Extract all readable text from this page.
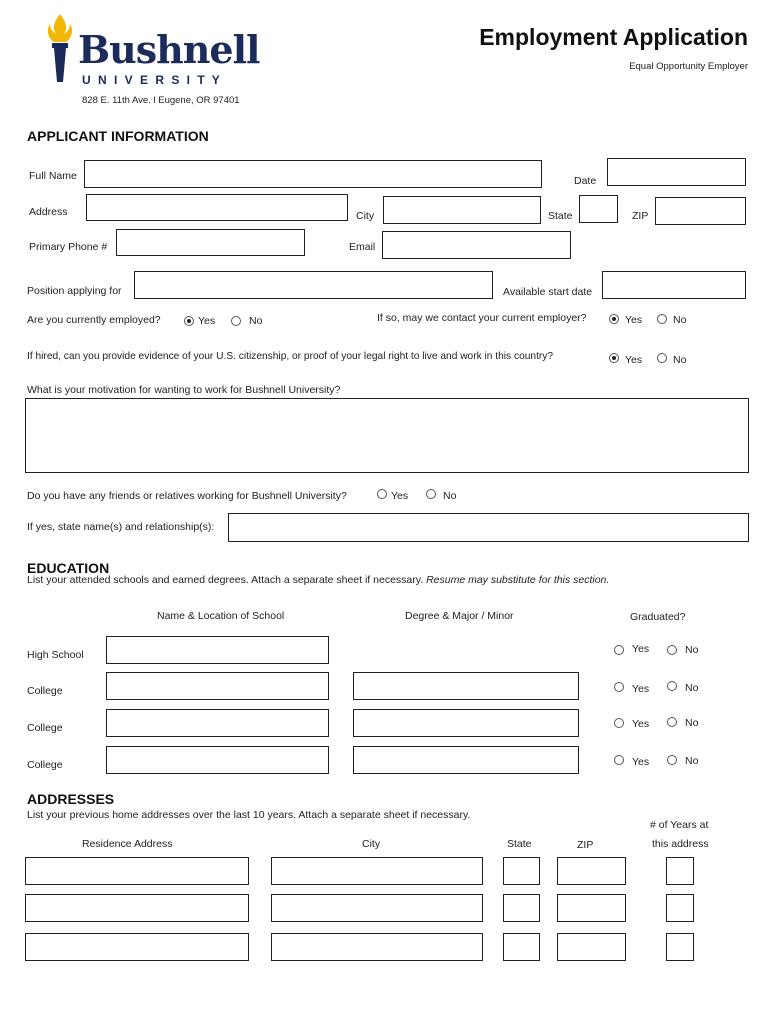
Bushnell
U N I V E R S I T Y
828 E. 11th Ave. l Eugene, OR 97401
Employment Application
Equal Opportunity Employer
APPLICANT INFORMATION
Full Name	Date
Address	City	State	ZIP
Primary Phone #	Email
Position applying for	Available start date
Are you currently employed?	Yes	No	If so, may we contact your current employer?	Yes	No
If hired, can you provide evidence of your U.S. citizenship, or proof of your legal right to live and work in this country?	Yes	No
What is your motivation for wanting to work for Bushnell University?
Do you have any friends or relatives working for Bushnell University?	Yes	No
If yes, state name(s) and relationship(s):
EDUCATION
List your attended schools and earned degrees. Attach a separate sheet if necessary. Resume may substitute for this section.
Name & Location of School	Degree & Major / Minor	Graduated?
High School	Yes	No
College	Yes	No
College	Yes	No
College	Yes	No
ADDRESSES
List your previous home addresses over the last 10 years. Attach a separate sheet if necessary.
Residence Address	City	State	ZIP
# of Years at
this address
